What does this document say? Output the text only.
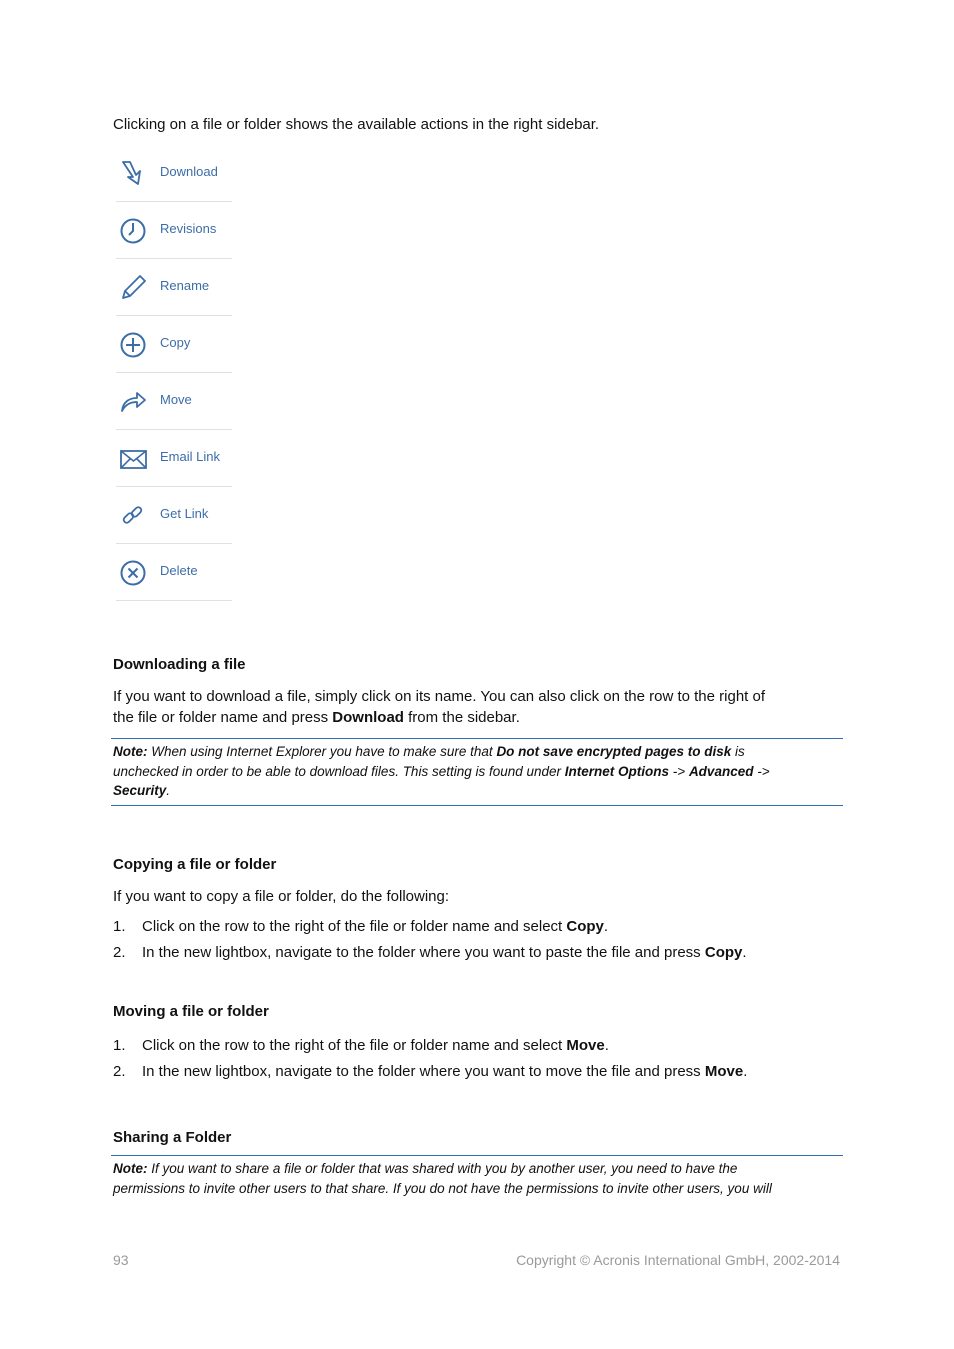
Clicking on a file or folder shows the available actions in the right sidebar.
Download
Revisions
Rename
Copy
Move
Email Link
Get Link
Delete
Downloading a file
If you want to download a file, simply click on its name. You can also click on the row to the right of
the file or folder name and press Download from the sidebar.
Note: When using Internet Explorer you have to make sure that Do not save encrypted pages to disk is
unchecked in order to be able to download files. This setting is found under Internet Options -> Advanced ->
Security.
Copying a file or folder
If you want to copy a file or folder, do the following:
1. Click on the row to the right of the file or folder name and select Copy.
2. In the new lightbox, navigate to the folder where you want to paste the file and press Copy.
Moving a file or folder
1. Click on the row to the right of the file or folder name and select Move.
2. In the new lightbox, navigate to the folder where you want to move the file and press Move.
Sharing a Folder
Note: If you want to share a file or folder that was shared with you by another user, you need to have the
permissions to invite other users to that share. If you do not have the permissions to invite other users, you will
93	Copyright © Acronis International GmbH, 2002-2014
